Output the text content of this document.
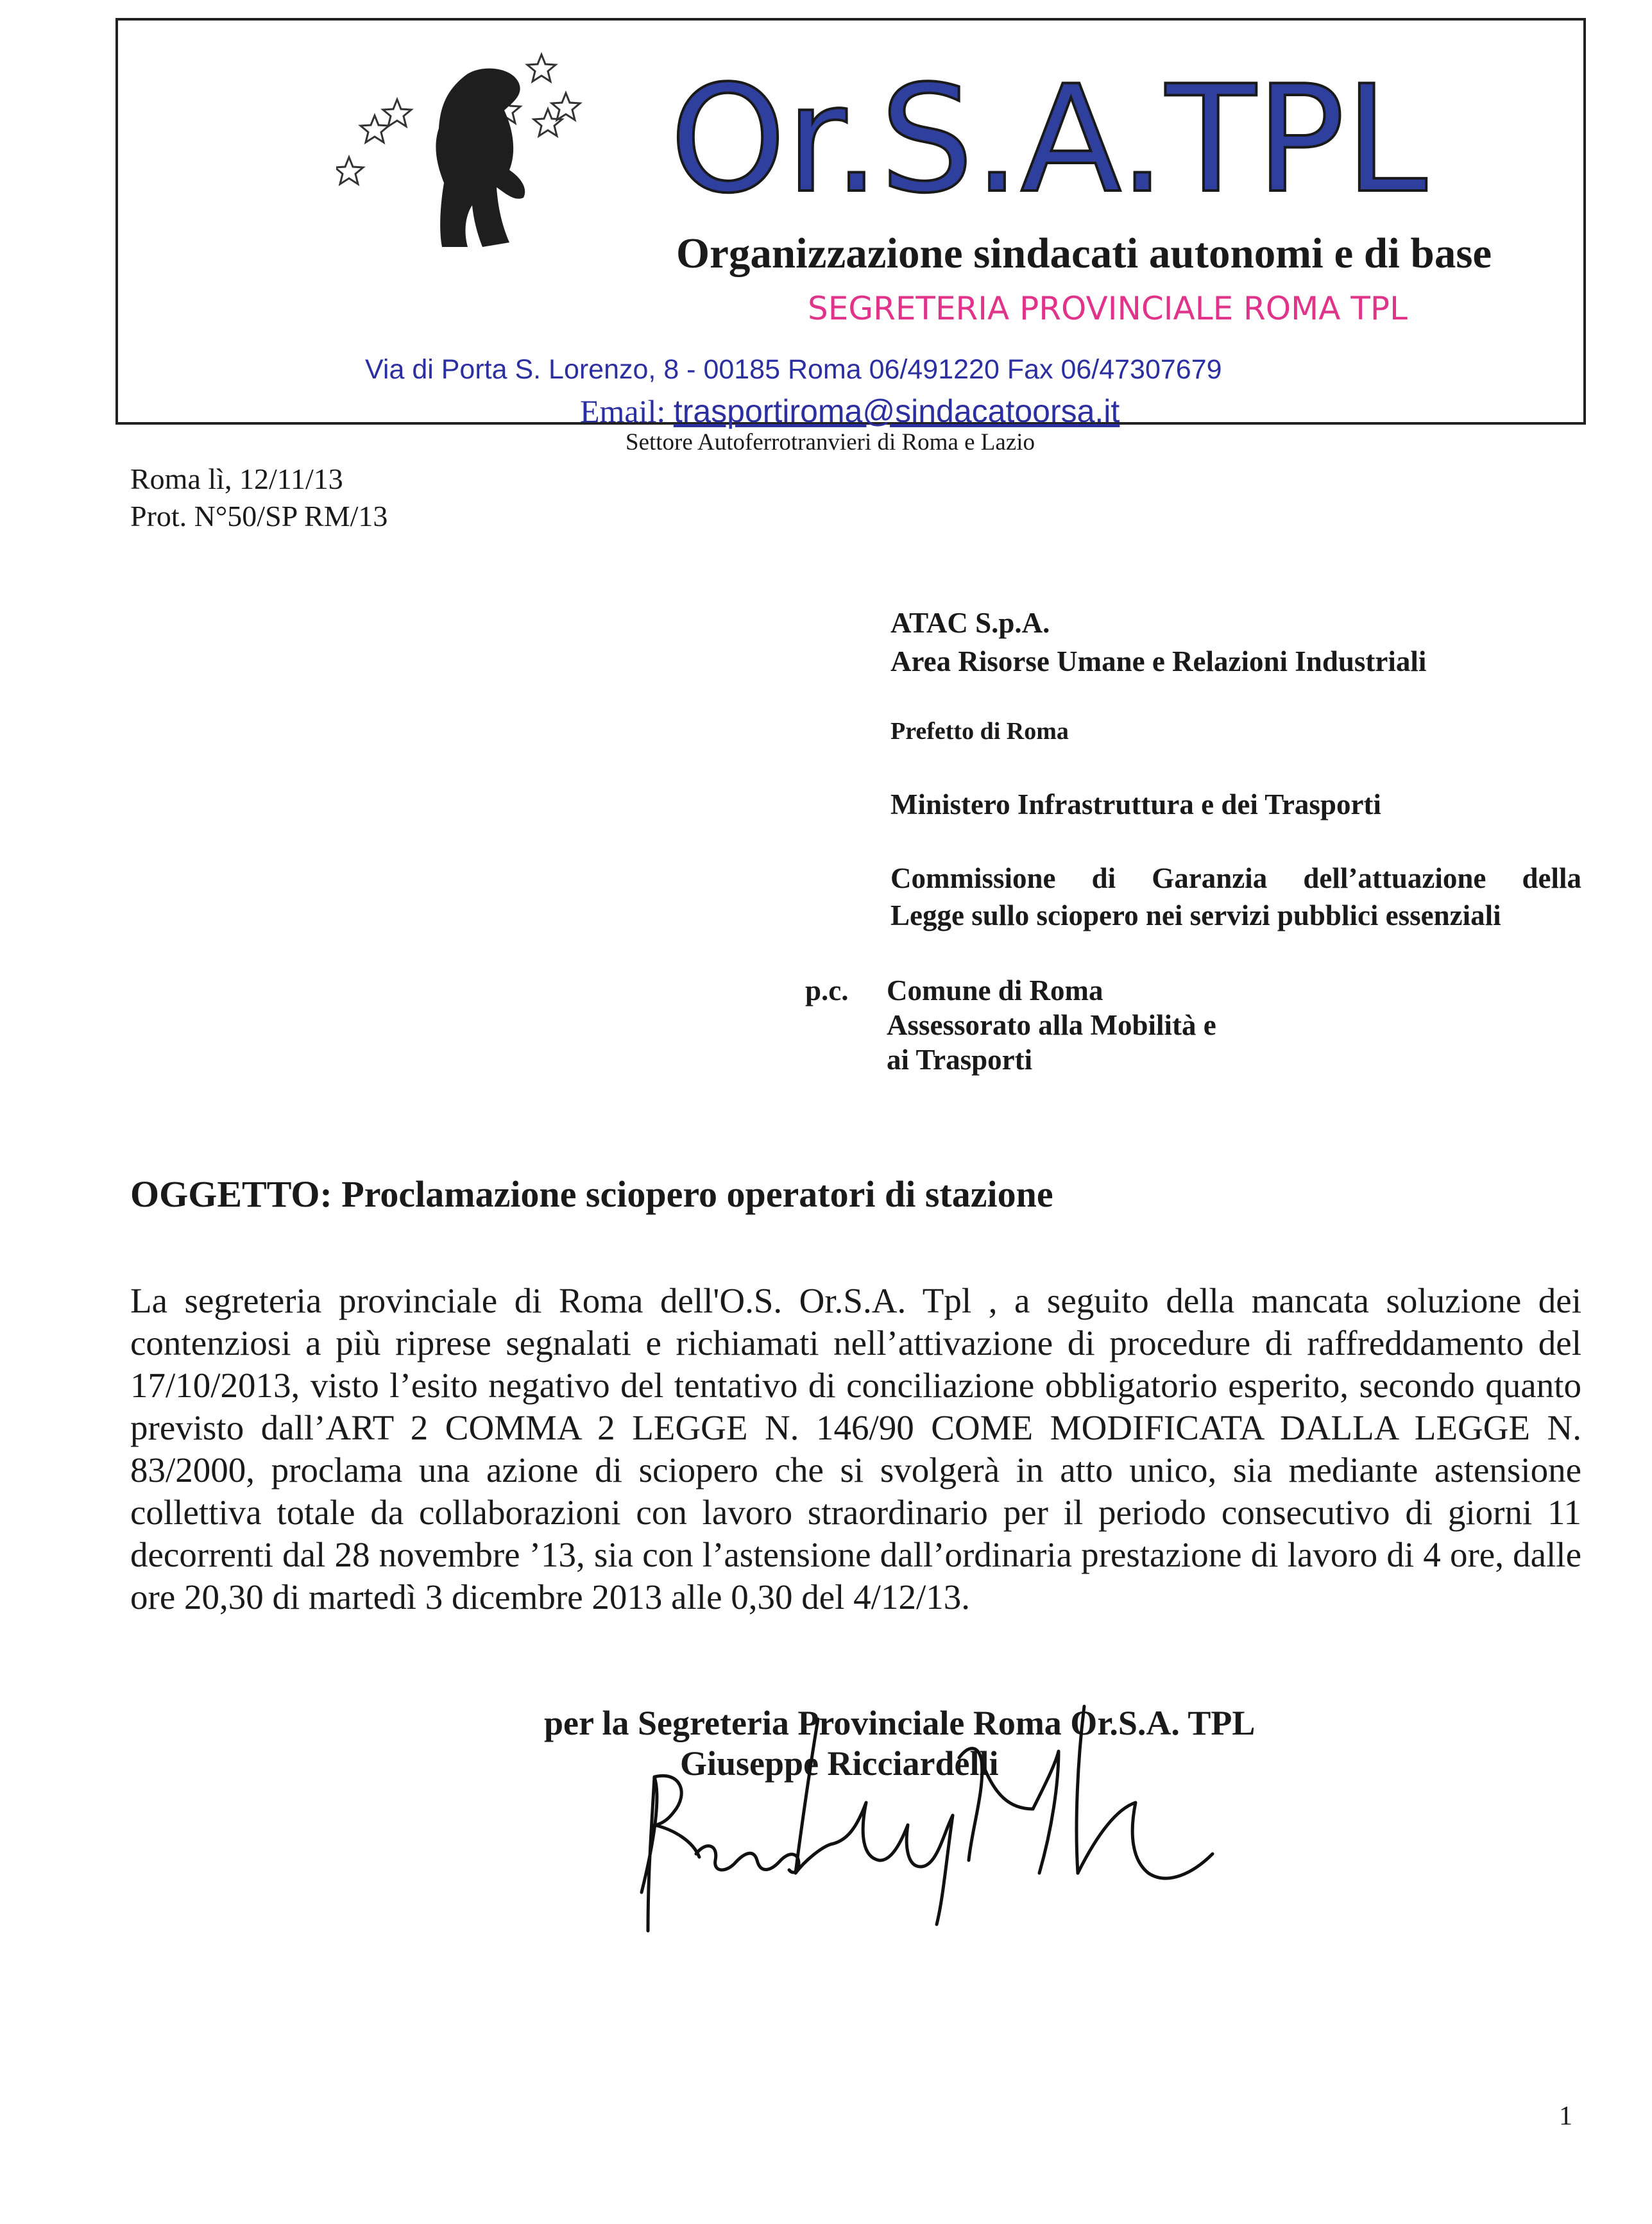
Or.S.A.TPL
Organizzazione sindacati autonomi e di base
SEGRETERIA PROVINCIALE ROMA TPL
Via di Porta S. Lorenzo, 8 - 00185 Roma 06/491220 Fax 06/47307679
Email: trasportiroma@sindacatoorsa.it
Settore Autoferrotranvieri di Roma e Lazio
Roma lì, 12/11/13
Prot. N°50/SP RM/13
ATAC S.p.A.
Area Risorse Umane e Relazioni Industriali
Prefetto di Roma
Ministero Infrastruttura e dei Trasporti
Commissione di Garanzia dell’attuazione della
Legge sullo sciopero nei servizi pubblici essenziali
p.c. Comune di Roma
Assessorato alla Mobilità e
ai Trasporti
OGGETTO: Proclamazione sciopero operatori di stazione
La segreteria provinciale di Roma dell'O.S. Or.S.A. Tpl , a seguito della mancata soluzione dei contenziosi a più riprese segnalati e richiamati nell’attivazione di procedure di raffreddamento del 17/10/2013, visto l’esito negativo del tentativo di conciliazione obbligatorio esperito, secondo quanto previsto dall’ART 2 COMMA 2 LEGGE N. 146/90 COME MODIFICATA DALLA LEGGE N. 83/2000, proclama una azione di sciopero che si svolgerà in atto unico, sia mediante astensione collettiva totale da collaborazioni con lavoro straordinario per il periodo consecutivo di giorni 11 decorrenti dal 28 novembre ’13, sia con l’astensione dall’ordinaria prestazione di lavoro di 4 ore, dalle ore 20,30 di martedì 3 dicembre 2013 alle 0,30 del 4/12/13.
per la Segreteria Provinciale Roma Or.S.A. TPL
Giuseppe Ricciardelli
1
